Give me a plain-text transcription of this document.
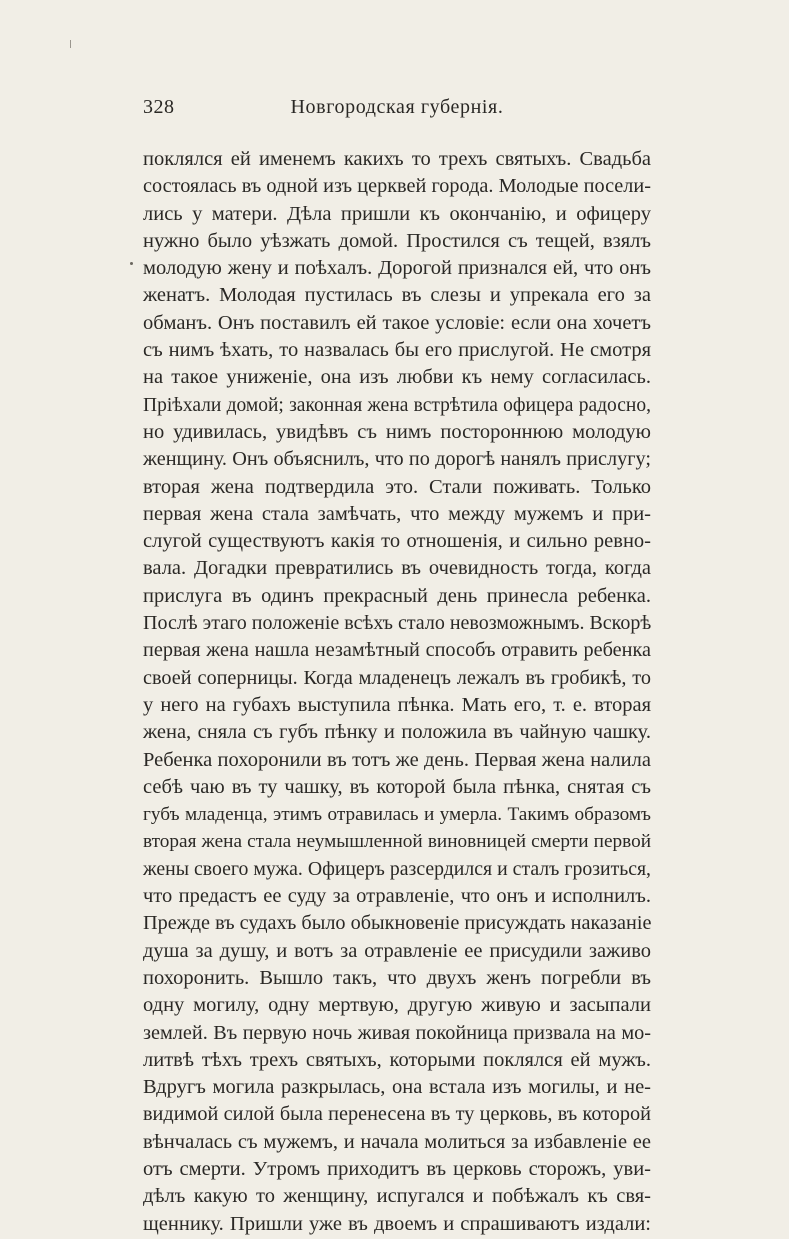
328	Новгородская губернія.
поклялся ей именемъ какихъ то трехъ святыхъ. Свадьба
состоялась въ одной изъ церквей города. Молодые посели-
лись у матери. Дѣла пришли къ окончанію, и офицеру
нужно было уѣзжать домой. Простился съ тещей, взялъ
молодую жену и поѣхалъ. Дорогой признался ей, что онъ
женатъ. Молодая пустилась въ слезы и упрекала его за
обманъ. Онъ поставилъ ей такое условіе: если она хочетъ
съ нимъ ѣхать, то назвалась бы его прислугой. Не смотря
на такое униженіе, она изъ любви къ нему согласилась.
Пріѣхали домой; законная жена встрѣтила офицера радосно,
но удивилась, увидѣвъ съ нимъ постороннюю молодую
женщину. Онъ объяснилъ, что по дорогѣ нанялъ прислугу;
вторая жена подтвердила это. Стали поживать. Только
первая жена стала замѣчать, что между мужемъ и при-
слугой существуютъ какія то отношенія, и сильно ревно-
вала. Догадки превратились въ очевидность тогда, когда
прислуга въ одинъ прекрасный день принесла ребенка.
Послѣ этаго положеніе всѣхъ стало невозможнымъ. Вскорѣ
первая жена нашла незамѣтный способъ отравить ребенка
своей соперницы. Когда младенецъ лежалъ въ гробикѣ, то
у него на губахъ выступила пѣнка. Мать его, т. е. вторая
жена, сняла съ губъ пѣнку и положила въ чайную чашку.
Ребенка похоронили въ тотъ же день. Первая жена налила
себѣ чаю въ ту чашку, въ которой была пѣнка, снятая съ
губъ младенца, этимъ отравилась и умерла. Такимъ образомъ
вторая жена стала неумышленной виновницей смерти первой
жены своего мужа. Офицеръ разсердился и сталъ грозиться,
что предастъ ее суду за отравленіе, что онъ и исполнилъ.
Прежде въ судахъ было обыкновеніе присуждать наказаніе
душа за душу, и вотъ за отравленіе ее присудили заживо
похоронить. Вышло такъ, что двухъ женъ погребли въ
одну могилу, одну мертвую, другую живую и засыпали
землей. Въ первую ночь живая покойница призвала на мо-
литвѣ тѣхъ трехъ святыхъ, которыми поклялся ей мужъ.
Вдругъ могила разкрылась, она встала изъ могилы, и не-
видимой силой была перенесена въ ту церковь, въ которой
вѣнчалась съ мужемъ, и начала молиться за избавленіе ее
отъ смерти. Утромъ приходитъ въ церковь сторожъ, уви-
дѣлъ какую то женщину, испугался и побѣжалъ къ свя-
щеннику. Пришли уже въ двоемъ и спрашиваютъ издали:
